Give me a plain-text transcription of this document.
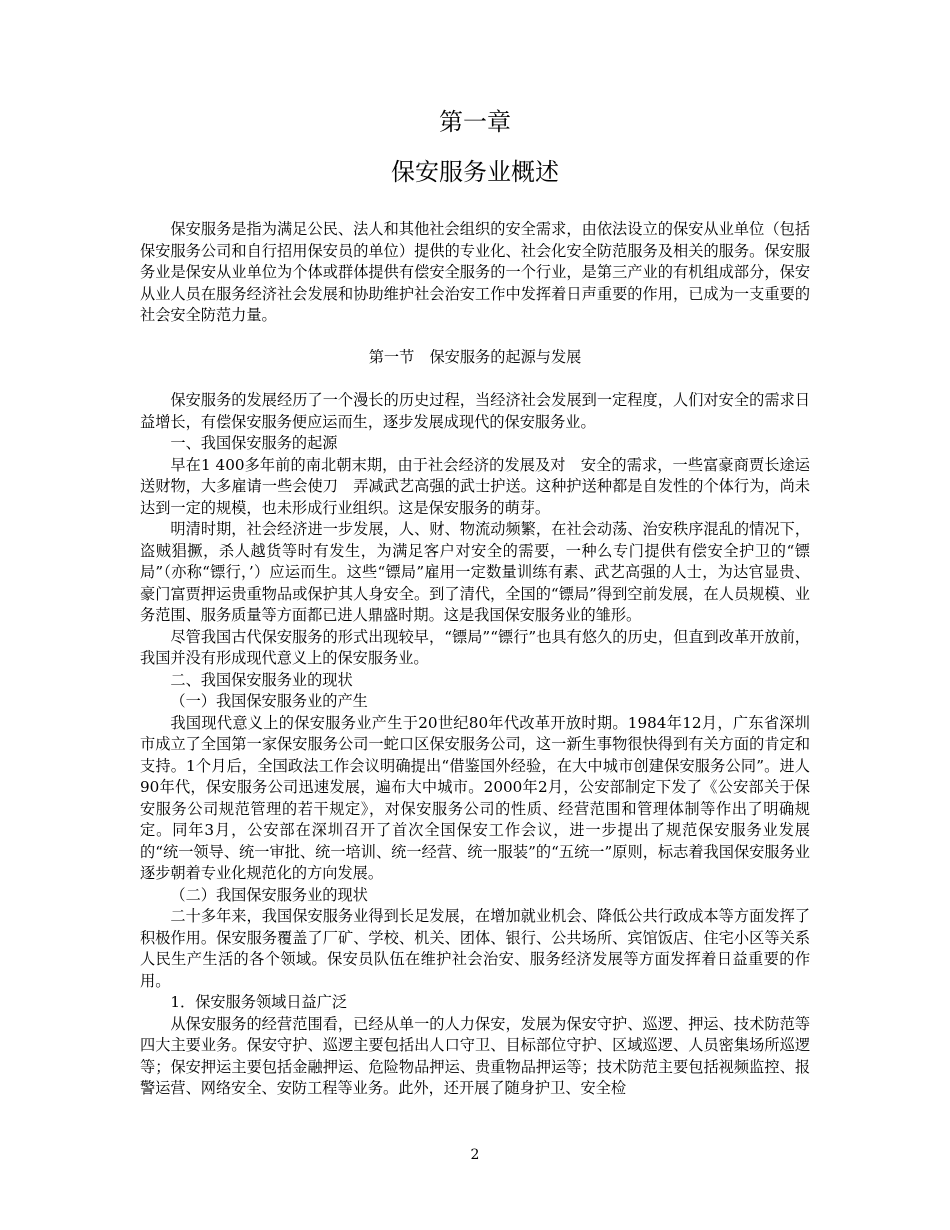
第一章
保安服务业概述

保安服务是指为满足公民、法人和其他社会组织的安全需求，由依法设立的保安从业单位（包括保安服务公司和自行招用保安员的单位）提供的专业化、社会化安全防范服务及相关的服务。保安服务业是保安从业单位为个体或群体提供有偿安全服务的一个行业，是第三产业的有机组成部分，保安从业人员在服务经济社会发展和协助维护社会治安工作中发挥着日声重要的作用，已成为一支重要的社会安全防范力量。

第一节　保安服务的起源与发展

保安服务的发展经历了一个漫长的历史过程，当经济社会发展到一定程度，人们对安全的需求日益增长，有偿保安服务便应运而生，逐步发展成现代的保安服务业。

一、我国保安服务的起源

早在1 400多年前的南北朝末期，由于社会经济的发展及对　安全的需求，一些富豪商贾长途运送财物，大多雇请一些会使刀　弄减武艺高强的武士护送。这种护送种都是自发性的个体行为，尚未达到一定的规模，也未形成行业组织。这是保安服务的萌芽。

明清时期，社会经济进一步发展，人、财、物流动频繁，在社会动荡、治安秩序混乱的情况下，盗贼猖撅，杀人越货等时有发生，为满足客户对安全的需要，一种么专门提供有偿安全护卫的“镖局”（亦称“镖行，’）应运而生。这些“镖局”雇用一定数量训练有素、武艺高强的人士，为达官显贵、豪门富贾押运贵重物品或保护其人身安全。到了清代，全国的“镖局”得到空前发展，在人员规模、业务范围、服务质量等方面都已进人鼎盛时期。这是我国保安服务业的雏形。

尽管我国古代保安服务的形式出现较早，“镖局”“镖行”也具有悠久的历史，但直到改革开放前，我国并没有形成现代意义上的保安服务业。

二、我国保安服务业的现状

（一）我国保安服务业的产生

我国现代意义上的保安服务业产生于20世纪80年代改革开放时期。1984年12月，广东省深圳市成立了全国第一家保安服务公司一蛇口区保安服务公司，这一新生事物很快得到有关方面的肯定和支持。1个月后，全国政法工作会议明确提出“借鉴国外经验，在大中城市创建保安服务公同”。进人90年代，保安服务公司迅速发展，遍布大中城市。2000年2月，公安部制定下发了《公安部关于保安服务公司规范管理的若干规定》，对保安服务公司的性质、经营范围和管理体制等作出了明确规定。同年3月，公安部在深圳召开了首次全国保安工作会议，进一步提出了规范保安服务业发展的“统一领导、统一审批、统一培训、统一经营、统一服装”的“五统一”原则，标志着我国保安服务业逐步朝着专业化规范化的方向发展。

（二）我国保安服务业的现状

二十多年来，我国保安服务业得到长足发展，在增加就业机会、降低公共行政成本等方面发挥了积极作用。保安服务覆盖了厂矿、学校、机关、团体、银行、公共场所、宾馆饭店、住宅小区等关系人民生产生活的各个领域。保安员队伍在维护社会治安、服务经济发展等方面发挥着日益重要的作用。

1．保安服务领域日益广泛

从保安服务的经营范围看，已经从单一的人力保安，发展为保安守护、巡逻、押运、技术防范等四大主要业务。保安守护、巡逻主要包括出人口守卫、目标部位守护、区域巡逻、人员密集场所巡逻等；保安押运主要包括金融押运、危险物品押运、贵重物品押运等；技术防范主要包括视频监控、报警运营、网络安全、安防工程等业务。此外，还开展了随身护卫、安全检

2
